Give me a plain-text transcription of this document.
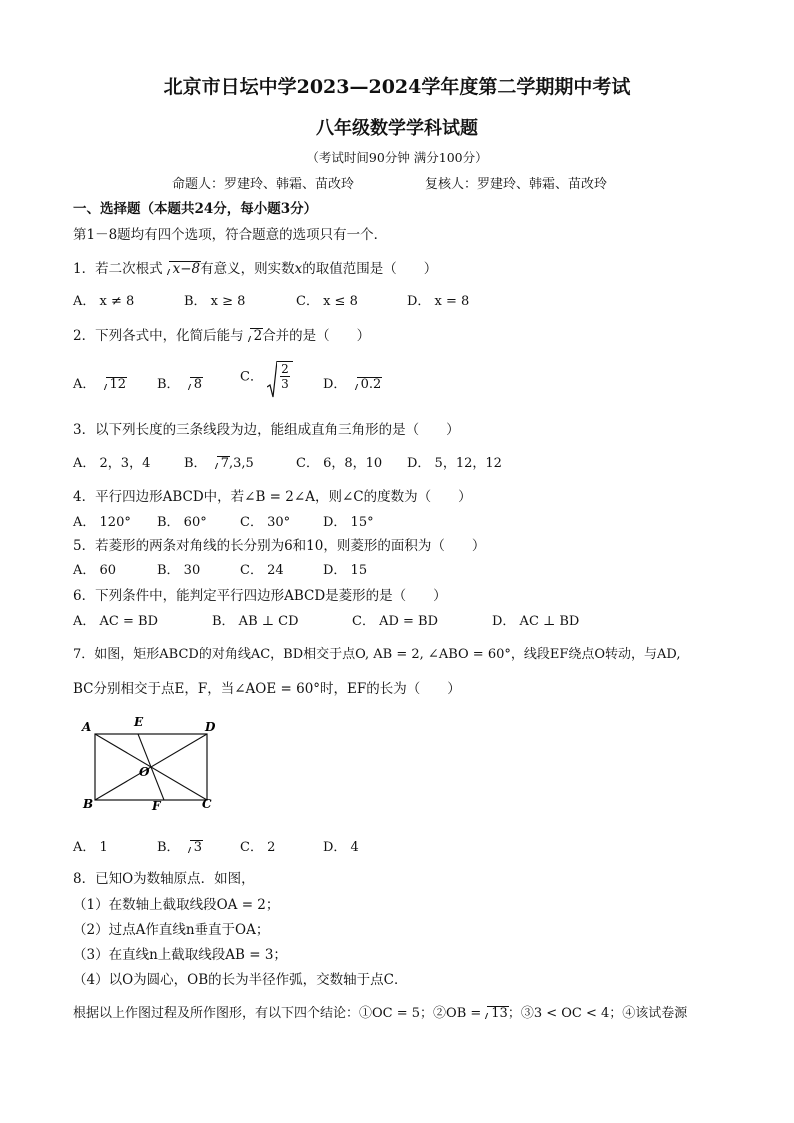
北京市日坛中学2023—2024学年度第二学期期中考试
八年级数学学科试题
（考试时间90分钟 满分100分）
命题人：罗建玲、韩霜、苗改玲	复核人：罗建玲、韩霜、苗改玲
一、选择题（本题共24分，每小题3分）
第1－8题均有四个选项，符合题意的选项只有一个．
1．若二次根式 x−8有意义，则实数x的取值范围是（　　）
A． x ≠ 8	B． x ≥ 8	C． x ≤ 8	D． x = 8
2．下列各式中，化简后能与 2合并的是（　　）
A． 12 B． 8	C． $\frac{2}{3}$ D． 0.2
3．以下列长度的三条线段为边，能组成直角三角形的是（　　）
A． 2，3，4	B． 7,3,5	C． 6，8，10 D． 5，12，12
4．平行四边形ABCD中，若∠B = 2∠A，则∠C的度数为（　　）
A． 120° B． 60°	C． 30°	D． 15°
5．若菱形的两条对角线的长分别为6和10，则菱形的面积为（　　）
A． 60	B． 30	C． 24	D． 15
6．下列条件中，能判定平行四边形ABCD是菱形的是（　　）
A． AC = BD	B． AB ⊥ CD	C． AD = BD	D． AC ⊥ BD
7．如图，矩形ABCD的对角线AC，BD相交于点O, AB = 2, ∠ABO = 60°，线段EF绕点O转动，与AD,
BC分别相交于点E，F，当∠AOE = 60°时，EF的长为（　　）
A	E	D
O
B	F	C
A． 1	B． 3	C． 2	D． 4
8．已知O为数轴原点．如图，
（1）在数轴上截取线段OA = 2；
（2）过点A作直线n垂直于OA；
（3）在直线n上截取线段AB = 3；
（4）以O为圆心，OB的长为半径作弧，交数轴于点C．
根据以上作图过程及所作图形，有以下四个结论：①OC = 5；②OB = 13；③3 < OC < 4；④该试卷源
